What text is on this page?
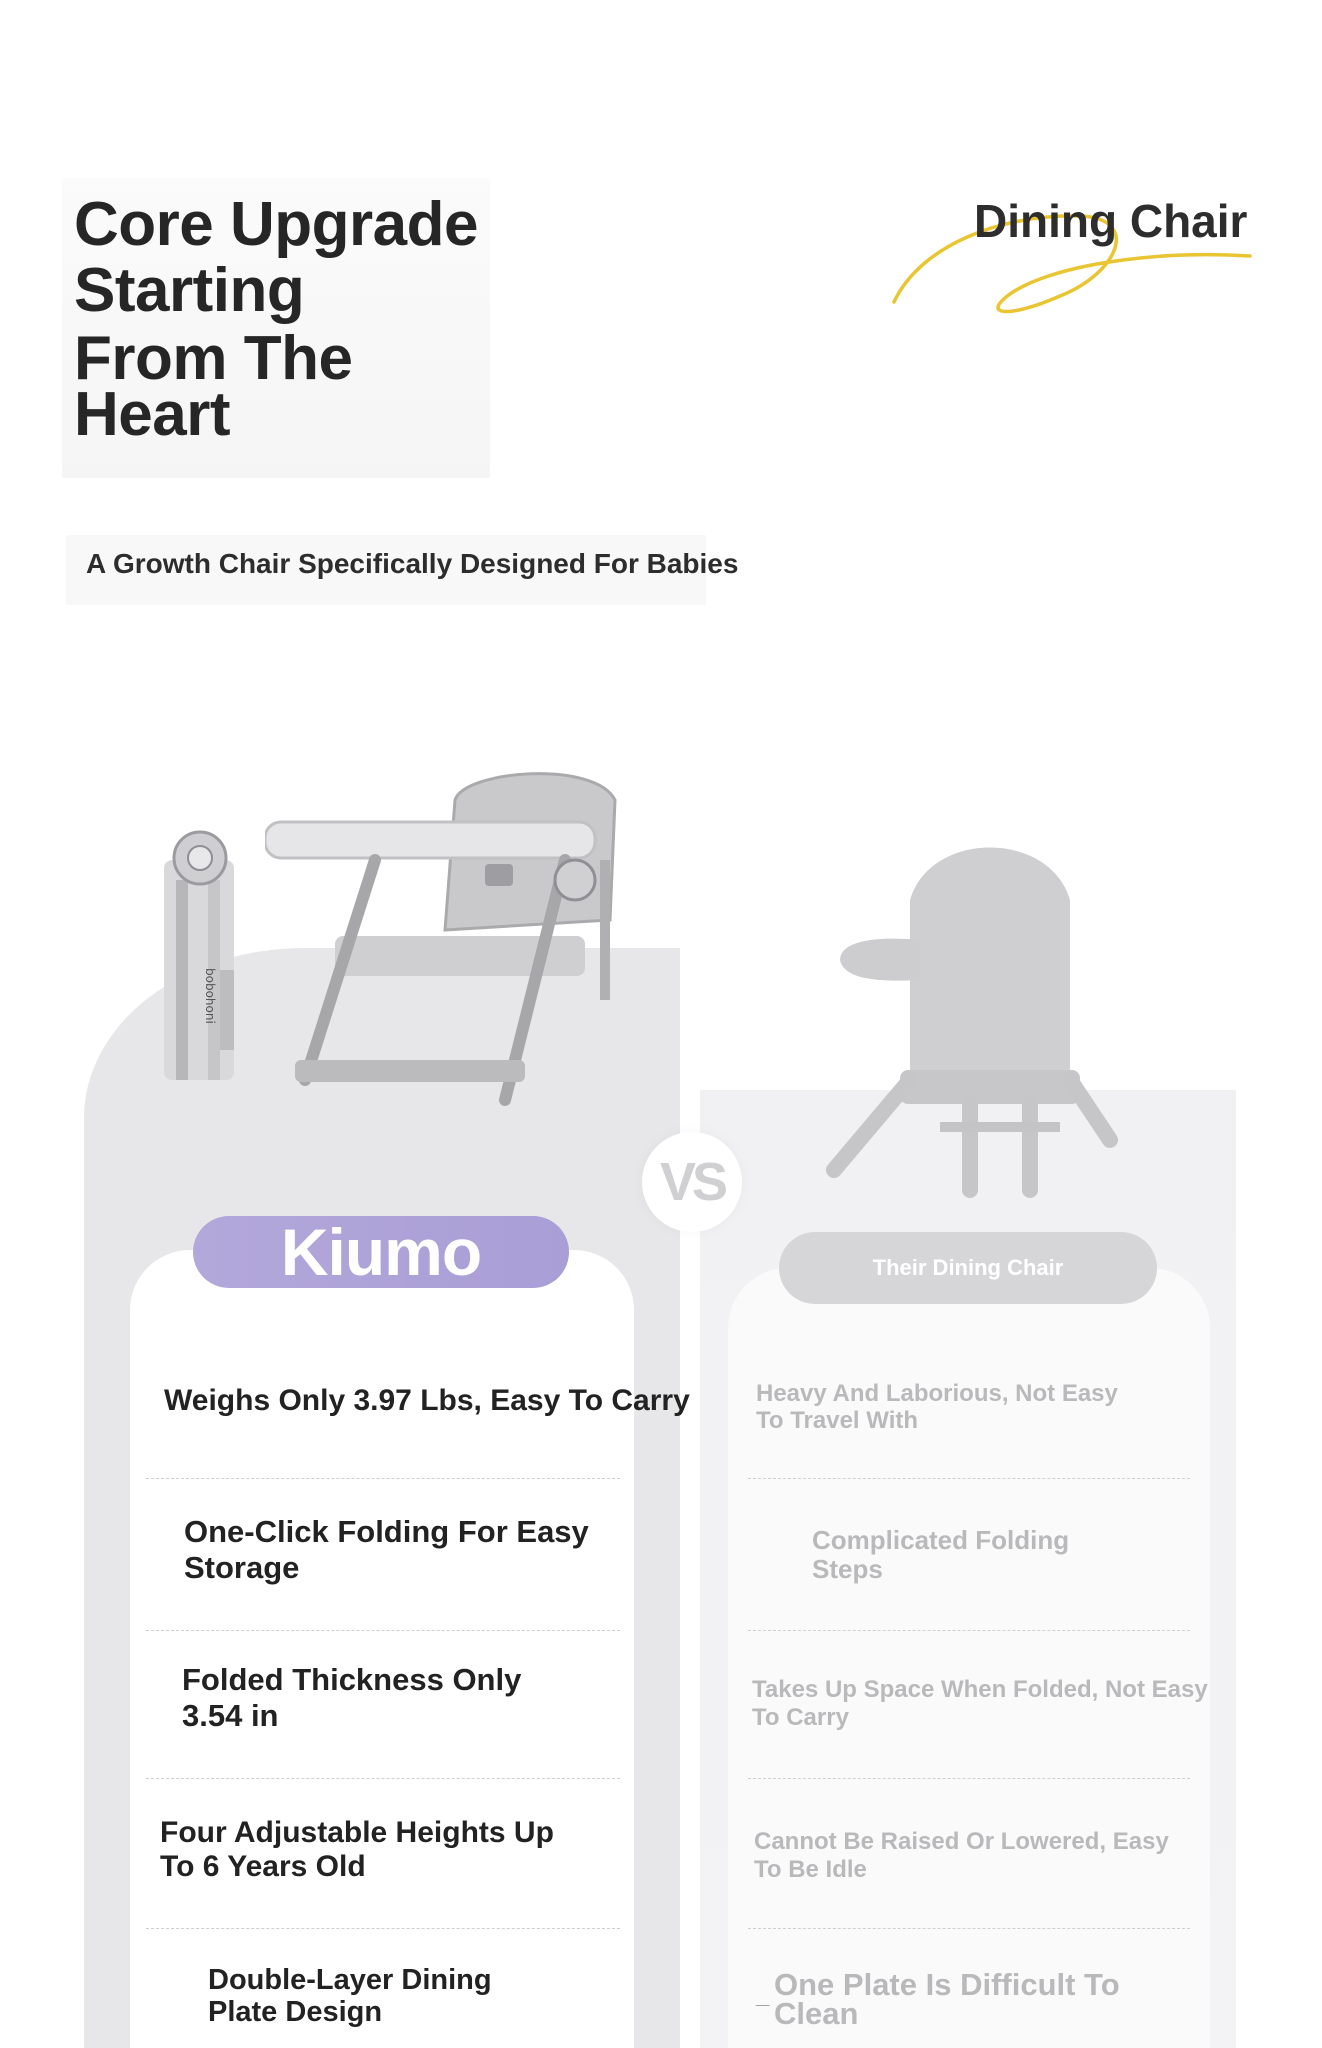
Core Upgrade
Starting
From The
Heart
A Growth Chair Specifically Designed For Babies
Dining Chair
bobohoni
VS
Kiumo	Their Dining Chair
Weighs Only 3.97 Lbs, Easy To Carry
One-Click Folding For Easy Storage
Folded Thickness Only 3.54 in
Four Adjustable Heights Up To 6 Years Old
Double-Layer Dining Plate Design
Heavy And Laborious, Not Easy To Travel With
Complicated Folding Steps
Takes Up Space When Folded, Not Easy To Carry
Cannot Be Raised Or Lowered, Easy To Be Idle
_ One Plate Is Difficult To Clean
